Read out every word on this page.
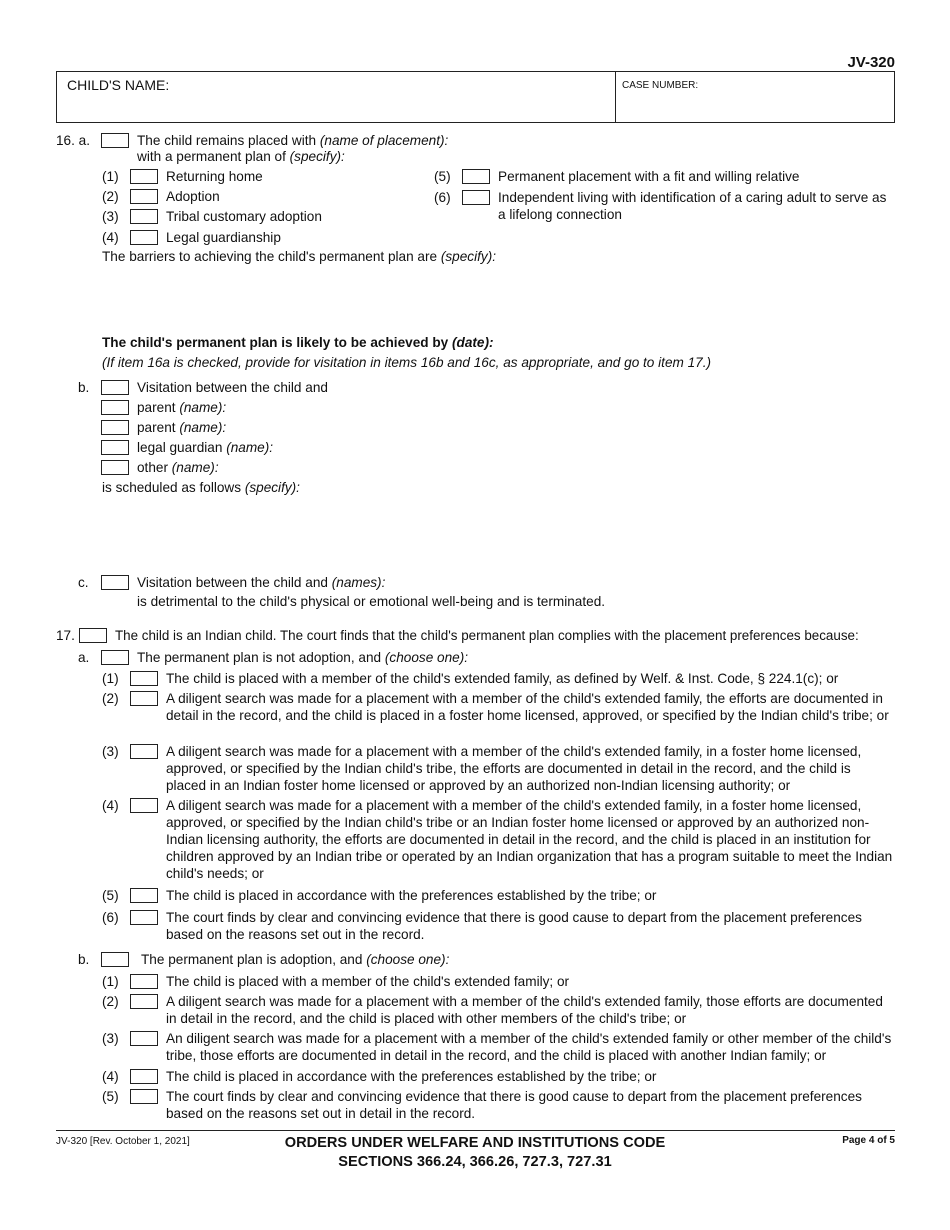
JV-320
CHILD'S NAME:	CASE NUMBER:
16. a.	The child remains placed with (name of placement):
with a permanent plan of (specify):
(1)	Returning home
(2)	Adoption
(3)	Tribal customary adoption
(4)	Legal guardianship
(5)	Permanent placement with a fit and willing relative
(6)	Independent living with identification of a caring adult to serve as a lifelong connection
The barriers to achieving the child's permanent plan are (specify):
The child's permanent plan is likely to be achieved by (date):
(If item 16a is checked, provide for visitation in items 16b and 16c, as appropriate, and go to item 17.)
b.	Visitation between the child and
parent (name):
parent (name):
legal guardian (name):
other (name):
is scheduled as follows (specify):
c.	Visitation between the child and (names):
is detrimental to the child's physical or emotional well-being and is terminated.
17.	The child is an Indian child. The court finds that the child's permanent plan complies with the placement preferences because:
a.	The permanent plan is not adoption, and (choose one):
(1)	The child is placed with a member of the child's extended family, as defined by Welf. & Inst. Code, § 224.1(c); or
(2)	A diligent search was made for a placement with a member of the child's extended family, the efforts are documented in detail in the record, and the child is placed in a foster home licensed, approved, or specified by the Indian child's tribe; or
(3)	A diligent search was made for a placement with a member of the child's extended family, in a foster home licensed, approved, or specified by the Indian child's tribe, the efforts are documented in detail in the record, and the child is placed in an Indian foster home licensed or approved by an authorized non-Indian licensing authority; or
(4)	A diligent search was made for a placement with a member of the child's extended family, in a foster home licensed, approved, or specified by the Indian child's tribe or an Indian foster home licensed or approved by an authorized non-Indian licensing authority, the efforts are documented in detail in the record, and the child is placed in an institution for children approved by an Indian tribe or operated by an Indian organization that has a program suitable to meet the Indian child's needs; or
(5)	The child is placed in accordance with the preferences established by the tribe; or
(6)	The court finds by clear and convincing evidence that there is good cause to depart from the placement preferences based on the reasons set out in the record.
b.	The permanent plan is adoption, and (choose one):
(1)	The child is placed with a member of the child's extended family; or
(2)	A diligent search was made for a placement with a member of the child's extended family, those efforts are documented in detail in the record, and the child is placed with other members of the child's tribe; or
(3)	An diligent search was made for a placement with a member of the child's extended family or other member of the child's tribe, those efforts are documented in detail in the record, and the child is placed with another Indian family; or
(4)	The child is placed in accordance with the preferences established by the tribe; or
(5)	The court finds by clear and convincing evidence that there is good cause to depart from the placement preferences based on the reasons set out in detail in the record.
JV-320 [Rev. October 1, 2021]	ORDERS UNDER WELFARE AND INSTITUTIONS CODE
SECTIONS 366.24, 366.26, 727.3, 727.31
Page 4 of 5
